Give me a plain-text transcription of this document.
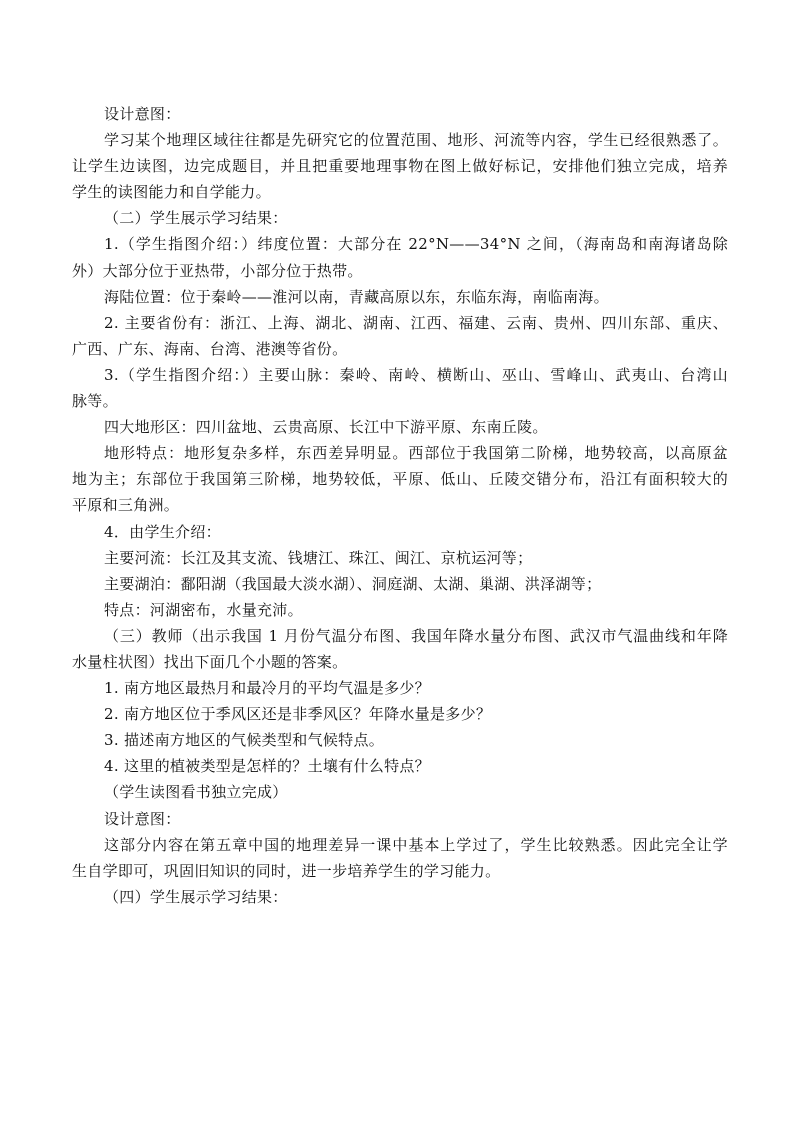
设计意图：
学习某个地理区域往往都是先研究它的位置范围、地形、河流等内容，学生已经很熟悉了。
让学生边读图，边完成题目，并且把重要地理事物在图上做好标记，安排他们独立完成，培养
学生的读图能力和自学能力。
（二）学生展示学习结果：
1.（学生指图介绍：）纬度位置：大部分在 22°N——34°N 之间，（海南岛和南海诸岛除
外）大部分位于亚热带，小部分位于热带。
海陆位置：位于秦岭——淮河以南，青藏高原以东，东临东海，南临南海。
2. 主要省份有：浙江、上海、湖北、湖南、江西、福建、云南、贵州、四川东部、重庆、
广西、广东、海南、台湾、港澳等省份。
3.（学生指图介绍：）主要山脉：秦岭、南岭、横断山、巫山、雪峰山、武夷山、台湾山
脉等。
四大地形区：四川盆地、云贵高原、长江中下游平原、东南丘陵。
地形特点：地形复杂多样，东西差异明显。西部位于我国第二阶梯，地势较高，以高原盆
地为主；东部位于我国第三阶梯，地势较低，平原、低山、丘陵交错分布，沿江有面积较大的
平原和三角洲。
4．由学生介绍：
主要河流：长江及其支流、钱塘江、珠江、闽江、京杭运河等；
主要湖泊：鄱阳湖（我国最大淡水湖）、洞庭湖、太湖、巢湖、洪泽湖等；
特点：河湖密布，水量充沛。
（三）教师（出示我国 1 月份气温分布图、我国年降水量分布图、武汉市气温曲线和年降
水量柱状图）找出下面几个小题的答案。
1. 南方地区最热月和最冷月的平均气温是多少？
2. 南方地区位于季风区还是非季风区？年降水量是多少？
3. 描述南方地区的气候类型和气候特点。
4. 这里的植被类型是怎样的？土壤有什么特点？
（学生读图看书独立完成）
设计意图：
这部分内容在第五章中国的地理差异一课中基本上学过了，学生比较熟悉。因此完全让学
生自学即可，巩固旧知识的同时，进一步培养学生的学习能力。
（四）学生展示学习结果：
